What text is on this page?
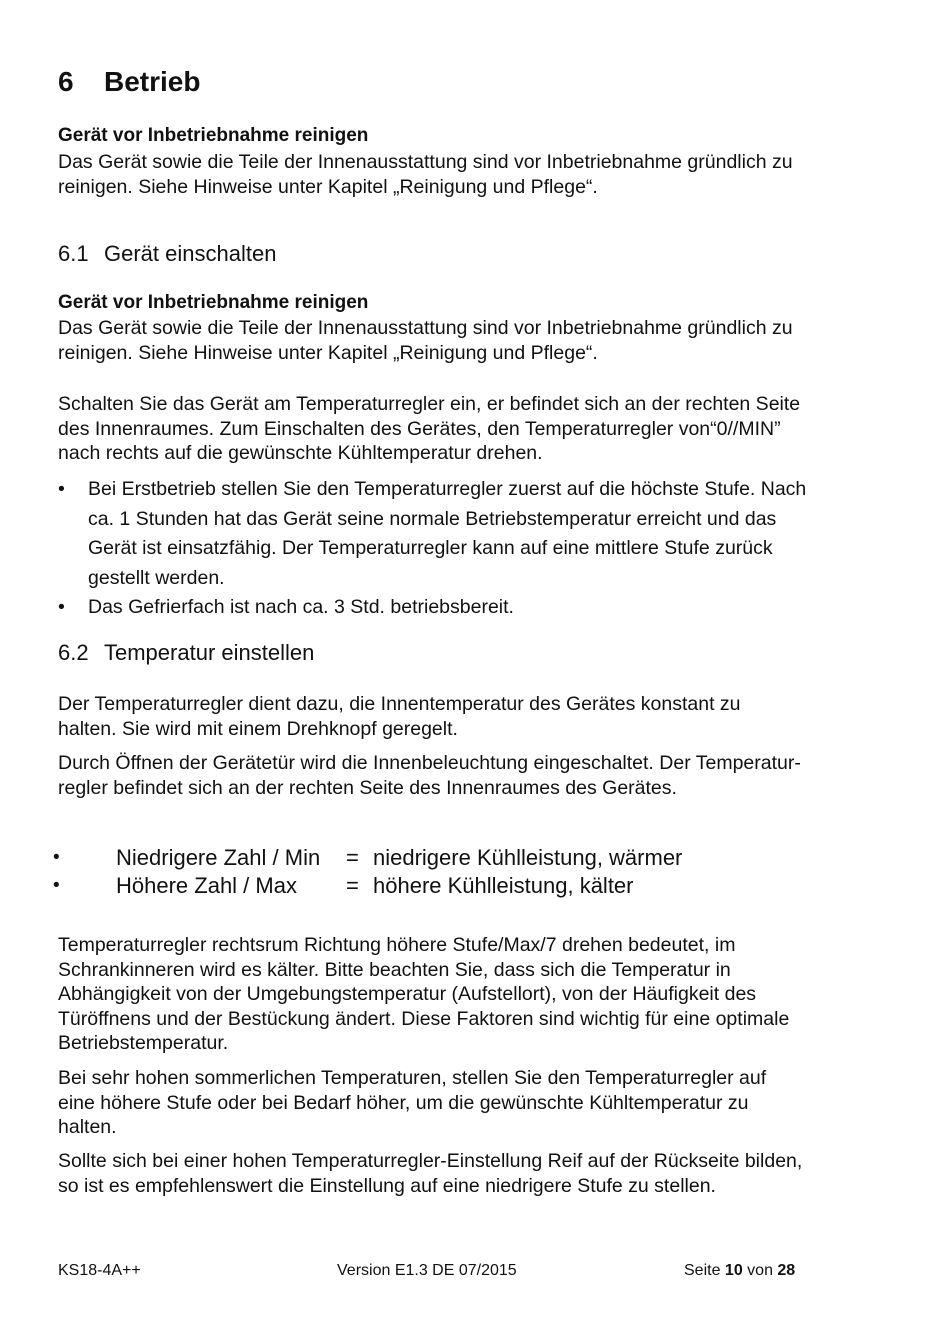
6 Betrieb
Gerät vor Inbetriebnahme reinigen
Das Gerät sowie die Teile der Innenausstattung sind vor Inbetriebnahme gründlich zu
reinigen. Siehe Hinweise unter Kapitel „Reinigung und Pflege“.
6.1 Gerät einschalten
Gerät vor Inbetriebnahme reinigen
Das Gerät sowie die Teile der Innenausstattung sind vor Inbetriebnahme gründlich zu
reinigen. Siehe Hinweise unter Kapitel „Reinigung und Pflege“.
Schalten Sie das Gerät am Temperaturregler ein, er befindet sich an der rechten Seite
des Innenraumes. Zum Einschalten des Gerätes, den Temperaturregler von“0//MIN”
nach rechts auf die gewünschte Kühltemperatur drehen.
• Bei Erstbetrieb stellen Sie den Temperaturregler zuerst auf die höchste Stufe. Nach
ca. 1 Stunden hat das Gerät seine normale Betriebstemperatur erreicht und das
Gerät ist einsatzfähig. Der Temperaturregler kann auf eine mittlere Stufe zurück
gestellt werden.
• Das Gefrierfach ist nach ca. 3 Std. betriebsbereit.
6.2 Temperatur einstellen
Der Temperaturregler dient dazu, die Innentemperatur des Gerätes konstant zu
halten. Sie wird mit einem Drehknopf geregelt.
Durch Öffnen der Gerätetür wird die Innenbeleuchtung eingeschaltet. Der Temperatur-
regler befindet sich an der rechten Seite des Innenraumes des Gerätes.
•	Niedrigere Zahl / Min = niedrigere Kühlleistung, wärmer
•	Höhere Zahl / Max = höhere Kühlleistung, kälter
Temperaturregler rechtsrum Richtung höhere Stufe/Max/7 drehen bedeutet, im
Schrankinneren wird es kälter. Bitte beachten Sie, dass sich die Temperatur in
Abhängigkeit von der Umgebungstemperatur (Aufstellort), von der Häufigkeit des
Türöffnens und der Bestückung ändert. Diese Faktoren sind wichtig für eine optimale
Betriebstemperatur.
Bei sehr hohen sommerlichen Temperaturen, stellen Sie den Temperaturregler auf
eine höhere Stufe oder bei Bedarf höher, um die gewünschte Kühltemperatur zu
halten.
Sollte sich bei einer hohen Temperaturregler-Einstellung Reif auf der Rückseite bilden,
so ist es empfehlenswert die Einstellung auf eine niedrigere Stufe zu stellen.
KS18-4A++	Version E1.3 DE 07/2015	Seite 10 von 28
